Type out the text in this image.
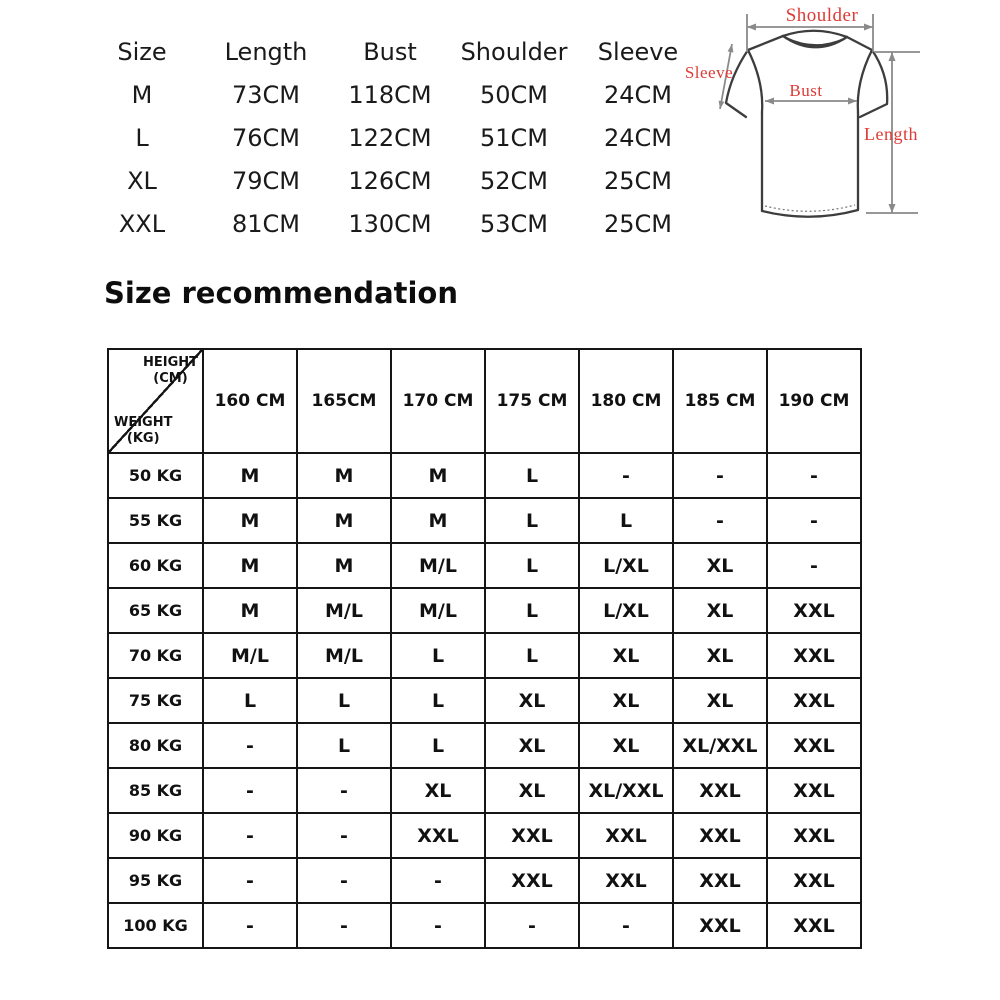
Size	Length	Bust	Shoulder	Sleeve
M	73CM	118CM	50CM	24CM
L	76CM	122CM	51CM	24CM
XL	79CM	126CM	52CM	25CM
XXL	81CM	130CM	53CM	25CM
Shoulder
Sleeve
Bust
Length
Size recommendation
HEIGHT
(CM)
WEIGHT
(KG)	160 CM	165CM	170 CM	175 CM	180 CM	185 CM	190 CM
50 KG	M	M	M	L	-	-	-
55 KG	M	M	M	L	L	-	-
60 KG	M	M	M/L	L	L/XL	XL	-
65 KG	M	M/L	M/L	L	L/XL	XL	XXL
70 KG	M/L	M/L	L	L	XL	XL	XXL
75 KG	L	L	L	XL	XL	XL	XXL
80 KG	-	L	L	XL	XL	XL/XXL	XXL
85 KG	-	-	XL	XL	XL/XXL	XXL	XXL
90 KG	-	-	XXL	XXL	XXL	XXL	XXL
95 KG	-	-	-	XXL	XXL	XXL	XXL
100 KG	-	-	-	-	-	XXL	XXL
